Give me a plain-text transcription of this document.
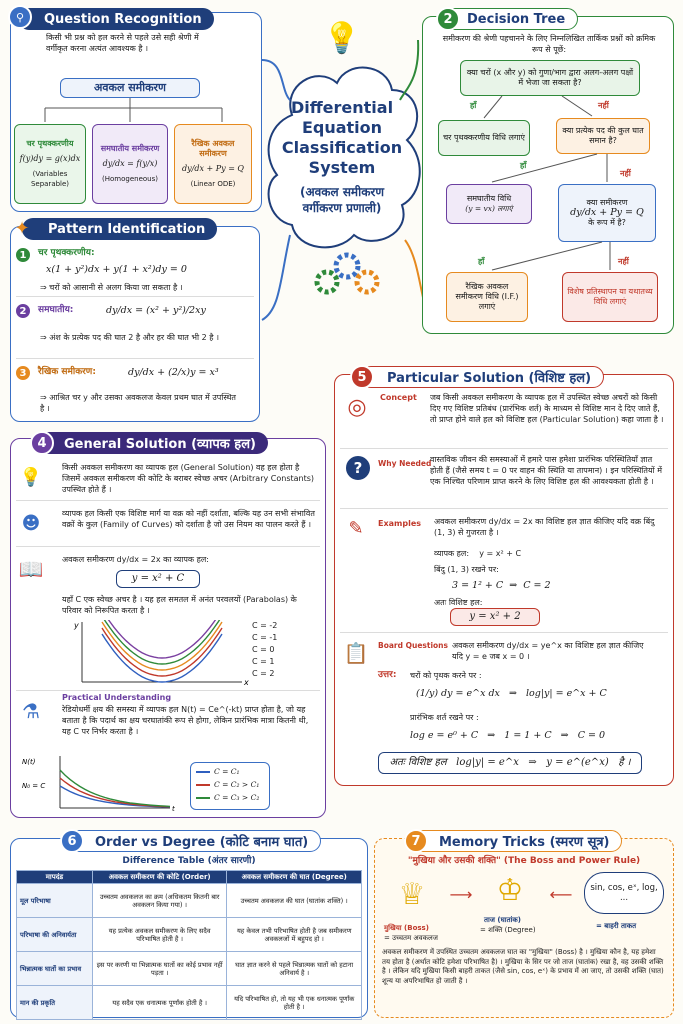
Question Recognition
⚲
किसी भी प्रश्न को हल करने से पहले उसे सही श्रेणी में वर्गीकृत करना अत्यंत आवश्यक है ।
अवकल समीकरण
चर पृथक्करणीय
f(y)dy = g(x)dx
(Variables Separable)
समघातीय समीकरण
dy/dx = f(y/x)
(Homogeneous)
रैखिक अवकल समीकरण
dy/dx + Py = Q
(Linear ODE)
Differential
Equation
Classification
System
(अवकल समीकरण
वर्गीकरण प्रणाली)
💡
Decision Tree
2
समीकरण की श्रेणी पहचानने के लिए निम्नलिखित तार्किक प्रश्नों को क्रमिक रूप से पूछें:
क्या चरों (x और y) को गुणा/भाग द्वारा अलग-अलग पक्षों में भेजा जा सकता है?
हाँ	नहीं
चर पृथक्करणीय विधि लगाएं
क्या प्रत्येक पद की कुल घात समान है?
हाँ
नहीं
समघातीय विधि
(y = vx) लगाएं
क्या समीकरण
dy/dx + Py = Q
के रूप में है?
हाँ	नहीं
रैखिक अवकल समीकरण विधि (I.F.) लगाएं
विशेष प्रतिस्थापन या यथातथ्य विधि लगाएं
Pattern Identification
✦
1	चर पृथक्करणीय:
x(1 + y²)dx + y(1 + x²)dy = 0
⇒ चरों को आसानी से अलग किया जा सकता है ।
2	समघातीय:	dy/dx = (x² + y²)/2xy
⇒ अंश के प्रत्येक पद की घात 2 है और हर की घात भी 2 है ।
3	रैखिक समीकरण:	dy/dx + (2/x)y = x³
⇒ आश्रित चर y और उसका अवकलज केवल प्रथम घात में उपस्थित है ।
General Solution (व्यापक हल)
4
💡 किसी अवकल समीकरण का व्यापक हल (General Solution) वह हल होता है जिसमें अवकल समीकरण की कोटि के बराबर स्वेच्छ अचर (Arbitrary Constants) उपस्थित होते हैं ।
☻	व्यापक हल किसी एक विशिष्ट मार्ग या वक्र को नहीं दर्शाता, बल्कि यह उन सभी संभावित वक्रों के कुल (Family of Curves) को दर्शाता है जो उस नियम का पालन करते हैं ।
📖 अवकल समीकरण dy/dx = 2x का व्यापक हल:
y = x² + C
यहाँ C एक स्वेच्छ अचर है । यह हल समतल में अनंत परवलयों (Parabolas) के परिवार को निरूपित करता है ।
y
x
C = -2
C = -1
C = 0
C = 1
C = 2
⚗
Practical Understanding
रेडियोधर्मी क्षय की समस्या में व्यापक हल N(t) = Ce^(-kt) प्राप्त होता है, जो यह बताता है कि पदार्थ का क्षय चरघातांकी रूप से होगा, लेकिन प्रारंभिक मात्रा कितनी थी, यह C पर निर्भर करता है ।
N(t)
N₀ = C
t
C = C₁
C = C₂ > C₁
C = C₃ > C₂
Particular Solution (विशिष्ट हल)
5
◎	Concept जब किसी अवकल समीकरण के व्यापक हल में उपस्थित स्वेच्छ अचरों को किसी दिए गए विशिष्ट प्रतिबंध (प्रारंभिक शर्त) के माध्यम से विशिष्ट मान दे दिए जाते हैं, तो प्राप्त होने वाले हल को विशिष्ट हल (Particular Solution) कहा जाता है ।
?	Why Needed
वास्तविक जीवन की समस्याओं में हमारे पास हमेशा प्रारंभिक परिस्थितियाँ ज्ञात होती हैं (जैसे समय t = 0 पर वाहन की स्थिति या तापमान) । इन परिस्थितियों में एक निश्चित परिणाम प्राप्त करने के लिए विशिष्ट हल की आवश्यकता होती है ।
✎	Examples अवकल समीकरण dy/dx = 2x का विशिष्ट हल ज्ञात कीजिए यदि वक्र बिंदु (1, 3) से गुजरता है ।
व्यापक हल:    y = x² + C
बिंदु (1, 3) रखने पर:
3 = 1² + C  ⇒  C = 2
अतः विशिष्ट हल:
y = x² + 2
📋 Board Questions अवकल समीकरण dy/dx = ye^x का विशिष्ट हल ज्ञात कीजिए यदि y = e जब x = 0 ।
उत्तर: चरों को पृथक करने पर :
(1/y) dy = e^x dx   ⇒   log|y| = e^x + C
प्रारंभिक शर्त रखने पर :
log e = e⁰ + C   ⇒   1 = 1 + C   ⇒   C = 0
अतः विशिष्ट हल   log|y| = e^x   ⇒   y = e^(e^x)   है ।
Order vs Degree (कोटि बनाम घात)
6
Difference Table (अंतर सारणी)
मापदंड	अवकल समीकरण की कोटि (Order)	अवकल समीकरण की घात (Degree)
मूल परिभाषा	उच्चतम अवकलज का क्रम (अधिकतम कितनी बार अवकलन किया गया) ।	उच्चतम अवकलज की घात (घातांक शक्ति) ।
परिभाषा की अनिवार्यता	यह प्रत्येक अवकल समीकरण के लिए सदैव परिभाषित होती है ।	यह केवल तभी परिभाषित होती है जब समीकरण अवकलजों में बहुपद हो ।
भिन्नात्मक घातों का प्रभाव	इस पर करणी या भिन्नात्मक घातों का कोई प्रभाव नहीं पड़ता ।	घात ज्ञात करने से पहले भिन्नात्मक घातों को हटाना अनिवार्य है ।
मान की प्रकृति	यह सदैव एक धनात्मक पूर्णांक होती है ।	यदि परिभाषित हो, तो यह भी एक धनात्मक पूर्णांक होती है ।
Memory Tricks (स्मरण सूत्र)
7
"मुखिया और उसकी शक्ति" (The Boss and Power Rule)
♕
मुखिया (Boss)
= उच्चतम अवकलज
⟶ ♔
ताज (घातांक)
= शक्ति (Degree)
⟵	sin, cos, eˣ, log, ...
= बाहरी ताकत
अवकल समीकरण में उपस्थित उच्चतम अवकलज घात का "मुखिया" (Boss) है । मुखिया कौन है, यह हमेशा तय होता है (अर्थात कोटि हमेशा परिभाषित है) । मुखिया के सिर पर जो ताज (घातांक) रखा है, वह उसकी शक्ति है । लेकिन यदि मुखिया किसी बाहरी ताकत (जैसे sin, cos, eˣ) के प्रभाव में आ जाए, तो उसकी शक्ति (घात) शून्य या अपरिभाषित हो जाती है ।
